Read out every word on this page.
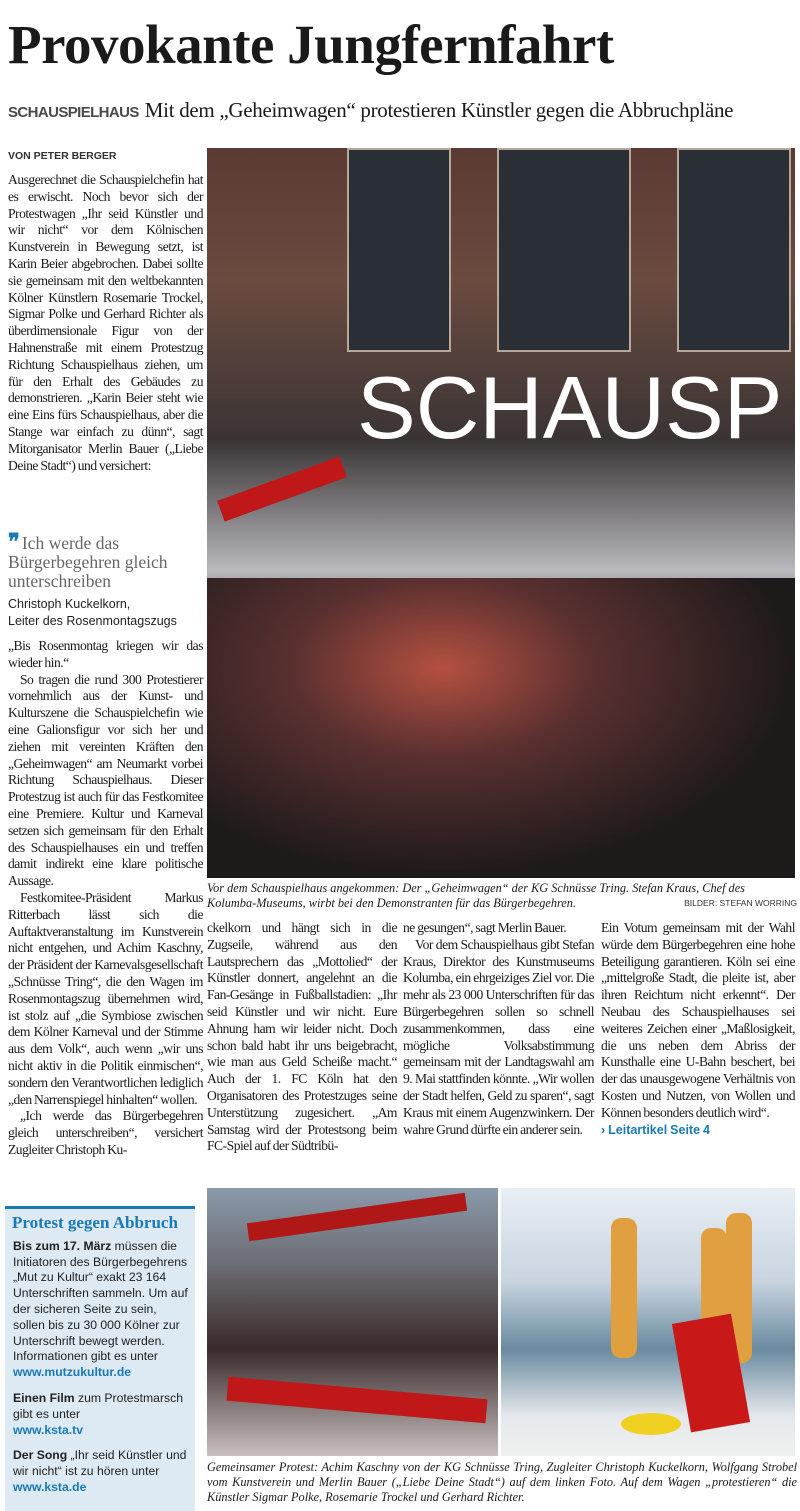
Provokante Jungfernfahrt
SCHAUSPIELHAUS Mit dem „Geheimwagen“ protestieren Künstler gegen die Abbruchpläne
VON PETER BERGER

Ausgerechnet die Schauspielchefin hat es erwischt. Noch bevor sich der Protestwagen „Ihr seid Künstler und wir nicht“ vor dem Kölnischen Kunstverein in Bewegung setzt, ist Karin Beier abgebrochen. Dabei sollte sie gemeinsam mit den weltbekannten Kölner Künstlern Rosemarie Trockel, Sigmar Polke und Gerhard Richter als überdimensionale Figur von der Hahnenstraße mit einem Protestzug Richtung Schauspielhaus ziehen, um für den Erhalt des Gebäudes zu demonstrieren. „Karin Beier steht wie eine Eins fürs Schauspielhaus, aber die Stange war einfach zu dünn“, sagt Mitorganisator Merlin Bauer („Liebe Deine Stadt“) und versichert:

❞ Ich werde das Bürgerbegehren gleich unterschreiben
Christoph Kuckelkorn,
Leiter des Rosenmontagszugs

„Bis Rosenmontag kriegen wir das wieder hin.“

So tragen die rund 300 Protestierer vornehmlich aus der Kunst- und Kulturszene die Schauspielchefin wie eine Galionsfigur vor sich her und ziehen mit vereinten Kräften den „Geheimwagen“ am Neumarkt vorbei Richtung Schauspielhaus. Dieser Protestzug ist auch für das Festkomitee eine Premiere. Kultur und Karneval setzen sich gemeinsam für den Erhalt des Schauspielhauses ein und treffen damit indirekt eine klare politische Aussage.

Festkomitee-Präsident Markus Ritterbach lässt sich die Auftaktveranstaltung im Kunstverein nicht entgehen, und Achim Kaschny, der Präsident der Karnevalsgesellschaft „Schnüsse Tring“, die den Wagen im Rosenmontagszug übernehmen wird, ist stolz auf „die Symbiose zwischen dem Kölner Karneval und der Stimme aus dem Volk“, auch wenn „wir uns nicht aktiv in die Politik einmischen“, sondern den Verantwortlichen lediglich „den Narrenspiegel hinhalten“ wollen.

„Ich werde das Bürgerbegehren gleich unterschreiben“, versichert Zugleiter Christoph Ku-

SCHAUSP
Vor dem Schauspielhaus angekommen: Der „Geheimwagen“ der KG Schnüsse Tring. Stefan Kraus, Chef des Kolumba-Museums, wirbt bei den Demonstranten für das Bürgerbegehren.	BILDER: STEFAN WORRING

ckelkorn und hängt sich in die Zugseile, während aus den Lautsprechern das „Mottolied“ der Künstler donnert, angelehnt an die Fan-Gesänge in Fußballstadien: „Ihr seid Künstler und wir nicht. Eure Ahnung ham wir leider nicht. Doch schon bald habt ihr uns beigebracht, wie man aus Geld Scheiße macht.“ Auch der 1. FC Köln hat den Organisatoren des Protestzuges seine Unterstützung zugesichert. „Am Samstag wird der Protestsong beim FC-Spiel auf der Südtribü-

ne gesungen“, sagt Merlin Bauer.

Vor dem Schauspielhaus gibt Stefan Kraus, Direktor des Kunstmuseums Kolumba, ein ehrgeiziges Ziel vor. Die mehr als 23 000 Unterschriften für das Bürgerbegehren sollen so schnell zusammenkommen, dass eine mögliche Volksabstimmung gemeinsam mit der Landtagswahl am 9. Mai stattfinden könnte. „Wir wollen der Stadt helfen, Geld zu sparen“, sagt Kraus mit einem Augenzwinkern. Der wahre Grund dürfte ein anderer sein.

Ein Votum gemeinsam mit der Wahl würde dem Bürgerbegehren eine hohe Beteiligung garantieren. Köln sei eine „mittelgroße Stadt, die pleite ist, aber ihren Reichtum nicht erkennt“. Der Neubau des Schauspielhauses sei weiteres Zeichen einer „Maßlosigkeit, die uns neben dem Abriss der Kunsthalle eine U-Bahn beschert, bei der das unausgewogene Verhältnis von Kosten und Nutzen, von Wollen und Können besonders deutlich wird“.

› Leitartikel Seite 4

Protest gegen Abbruch

Bis zum 17. März müssen die Initiatoren des Bürgerbegehrens „Mut zu Kultur“ exakt 23 164 Unterschriften sammeln. Um auf der sicheren Seite zu sein, sollen bis zu 30 000 Kölner zur Unterschrift bewegt werden. Informationen gibt es unter
www.mutzukultur.de

Einen Film zum Protestmarsch gibt es unter
www.ksta.tv

Der Song „Ihr seid Künstler und wir nicht“ ist zu hören unter
www.ksta.de

Gemeinsamer Protest: Achim Kaschny von der KG Schnüsse Tring, Zugleiter Christoph Kuckelkorn, Wolfgang Strobel vom Kunstverein und Merlin Bauer („Liebe Deine Stadt“) auf dem linken Foto. Auf dem Wagen „protestieren“ die Künstler Sigmar Polke, Rosemarie Trockel und Gerhard Richter.
